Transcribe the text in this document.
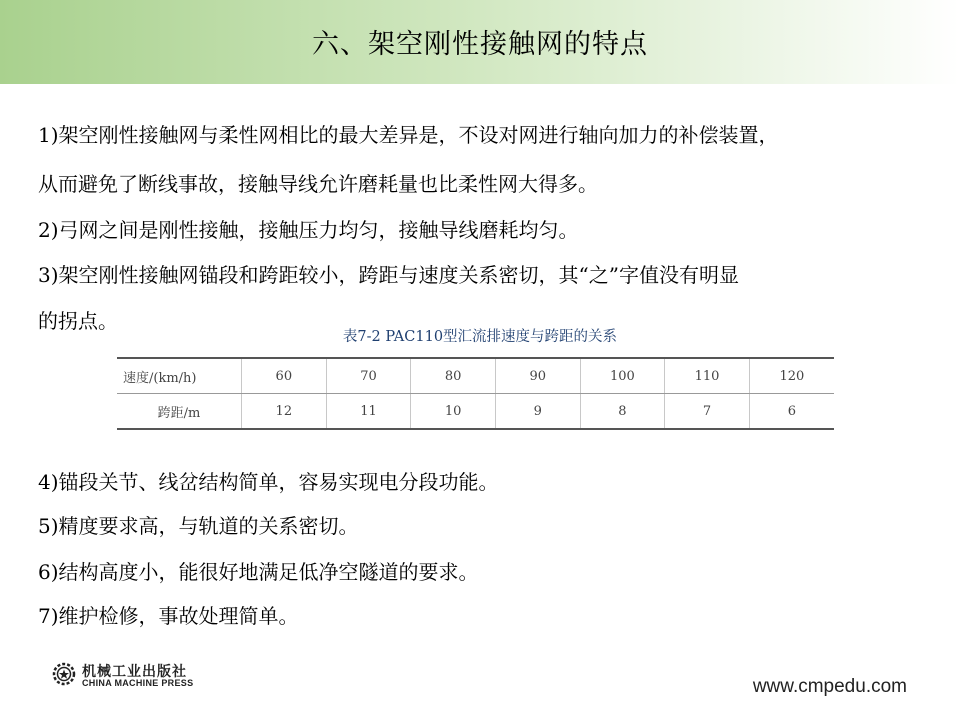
六、架空刚性接触网的特点
1)架空刚性接触网与柔性网相比的最大差异是，不设对网进行轴向加力的补偿装置，
从而避免了断线事故，接触导线允许磨耗量也比柔性网大得多。
2)弓网之间是刚性接触，接触压力均匀，接触导线磨耗均匀。
3)架空刚性接触网锚段和跨距较小，跨距与速度关系密切，其“之”字值没有明显
的拐点。
表7-2 PAC110型汇流排速度与跨距的关系
速度/(km/h)	60	70	80	90	100	110	120
跨距/m	12	11	10	9	8	7	6
4)锚段关节、线岔结构简单，容易实现电分段功能。
5)精度要求高，与轨道的关系密切。
6)结构高度小，能很好地满足低净空隧道的要求。
7)维护检修，事故处理简单。
机械工业出版社
CHINA MACHINE PRESS	www.cmpedu.com
